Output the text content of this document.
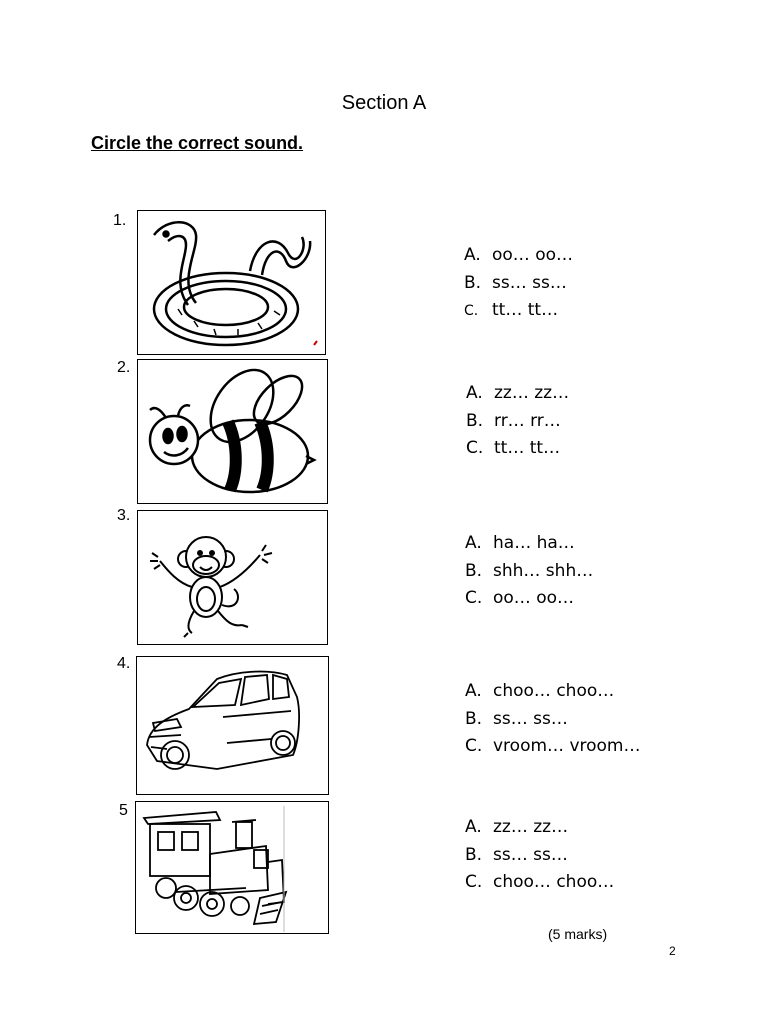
Section A
Circle the correct sound.
1.
A. oo… oo…
B. ss… ss…
C. tt… tt…
2.
A. zz… zz…
B. rr… rr…
C. tt… tt…
3.
A. ha… ha…
B. shh… shh…
C. oo… oo…
4.
A. choo… choo…
B. ss… ss…
C. vroom… vroom…
5
A. zz… zz…
B. ss… ss…
C. choo… choo…
(5 marks)
2
